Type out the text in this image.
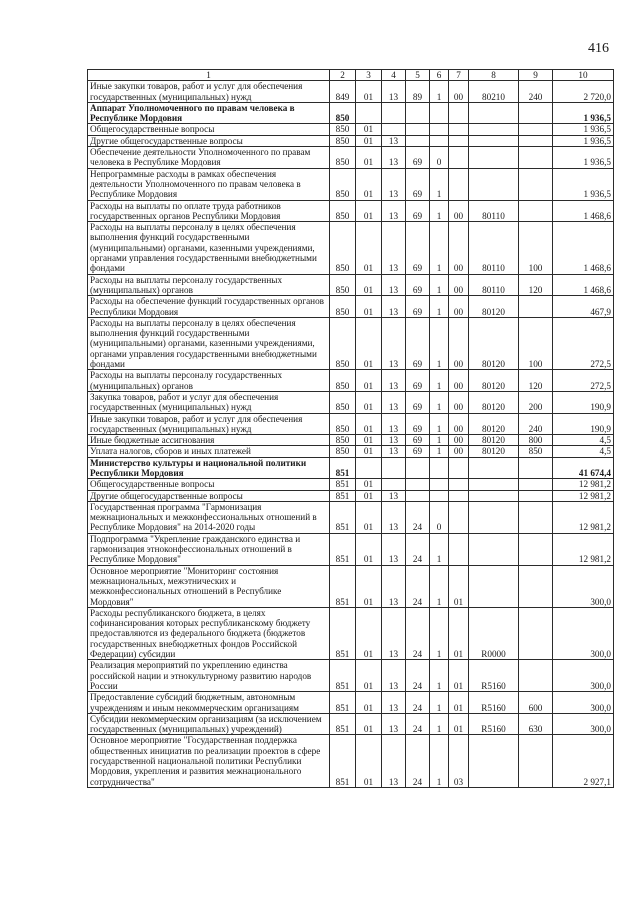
416
1	2	3	4	5	6	7	8	9	10
Иные закупки товаров, работ и услуг для обеспечения государственных (муниципальных) нужд	849	01	13	89	1	00	80210	240	2 720,0
Аппарат Уполномоченного по правам человека в Республике Мордовия	850								1 936,5
Общегосударственные вопросы	850	01							1 936,5
Другие общегосударственные вопросы	850	01	13						1 936,5
Обеспечение деятельности Уполномоченного по правам человека в Республике Мордовия	850	01	13	69	0				1 936,5
Непрограммные расходы в рамках обеспечения деятельности Уполномоченного по правам человека в Республике Мордовия	850	01	13	69	1				1 936,5
Расходы на выплаты по оплате труда работников государственных органов Республики Мордовия	850	01	13	69	1	00	80110		1 468,6
Расходы на выплаты персоналу в целях обеспечения выполнения функций государственными (муниципальными) органами, казенными учреждениями, органами управления государственными внебюджетными фондами	850	01	13	69	1	00	80110	100	1 468,6
Расходы на выплаты персоналу государственных (муниципальных) органов	850	01	13	69	1	00	80110	120	1 468,6
Расходы на обеспечение функций государственных органов Республики Мордовия	850	01	13	69	1	00	80120		467,9
Расходы на выплаты персоналу в целях обеспечения выполнения функций государственными (муниципальными) органами, казенными учреждениями, органами управления государственными внебюджетными фондами	850	01	13	69	1	00	80120	100	272,5
Расходы на выплаты персоналу государственных (муниципальных) органов	850	01	13	69	1	00	80120	120	272,5
Закупка товаров, работ и услуг для обеспечения государственных (муниципальных) нужд	850	01	13	69	1	00	80120	200	190,9
Иные закупки товаров, работ и услуг для обеспечения государственных (муниципальных) нужд	850	01	13	69	1	00	80120	240	190,9
Иные бюджетные ассигнования	850	01	13	69	1	00	80120	800	4,5
Уплата налогов, сборов и иных платежей	850	01	13	69	1	00	80120	850	4,5
Министерство культуры и национальной политики Республики Мордовия	851								41 674,4
Общегосударственные вопросы	851	01							12 981,2
Другие общегосударственные вопросы	851	01	13						12 981,2
Государственная программа "Гармонизация межнациональных и межконфессиональных отношений в Республике Мордовия" на 2014-2020 годы	851	01	13	24	0				12 981,2
Подпрограмма "Укрепление гражданского единства и гармонизация этноконфессиональных отношений в Республике Мордовия"	851	01	13	24	1				12 981,2
Основное мероприятие "Мониторинг состояния межнациональных, межэтнических и межконфессиональных отношений в Республике Мордовия"	851	01	13	24	1	01			300,0
Расходы республиканского бюджета, в целях софинансирования которых республиканскому бюджету предоставляются из федерального бюджета (бюджетов государственных внебюджетных фондов Российской Федерации) субсидии	851	01	13	24	1	01	R0000		300,0
Реализация мероприятий по укреплению единства российской нации и этнокультурному развитию народов России	851	01	13	24	1	01	R5160		300,0
Предоставление субсидий бюджетным, автономным учреждениям и иным некоммерческим организациям	851	01	13	24	1	01	R5160	600	300,0
Субсидии некоммерческим организациям (за исключением государственных (муниципальных) учреждений)	851	01	13	24	1	01	R5160	630	300,0
Основное мероприятие "Государственная поддержка общественных инициатив по реализации проектов в сфере государственной национальной политики Республики Мордовия, укрепления и развития межнационального сотрудничества"	851	01	13	24	1	03			2 927,1
